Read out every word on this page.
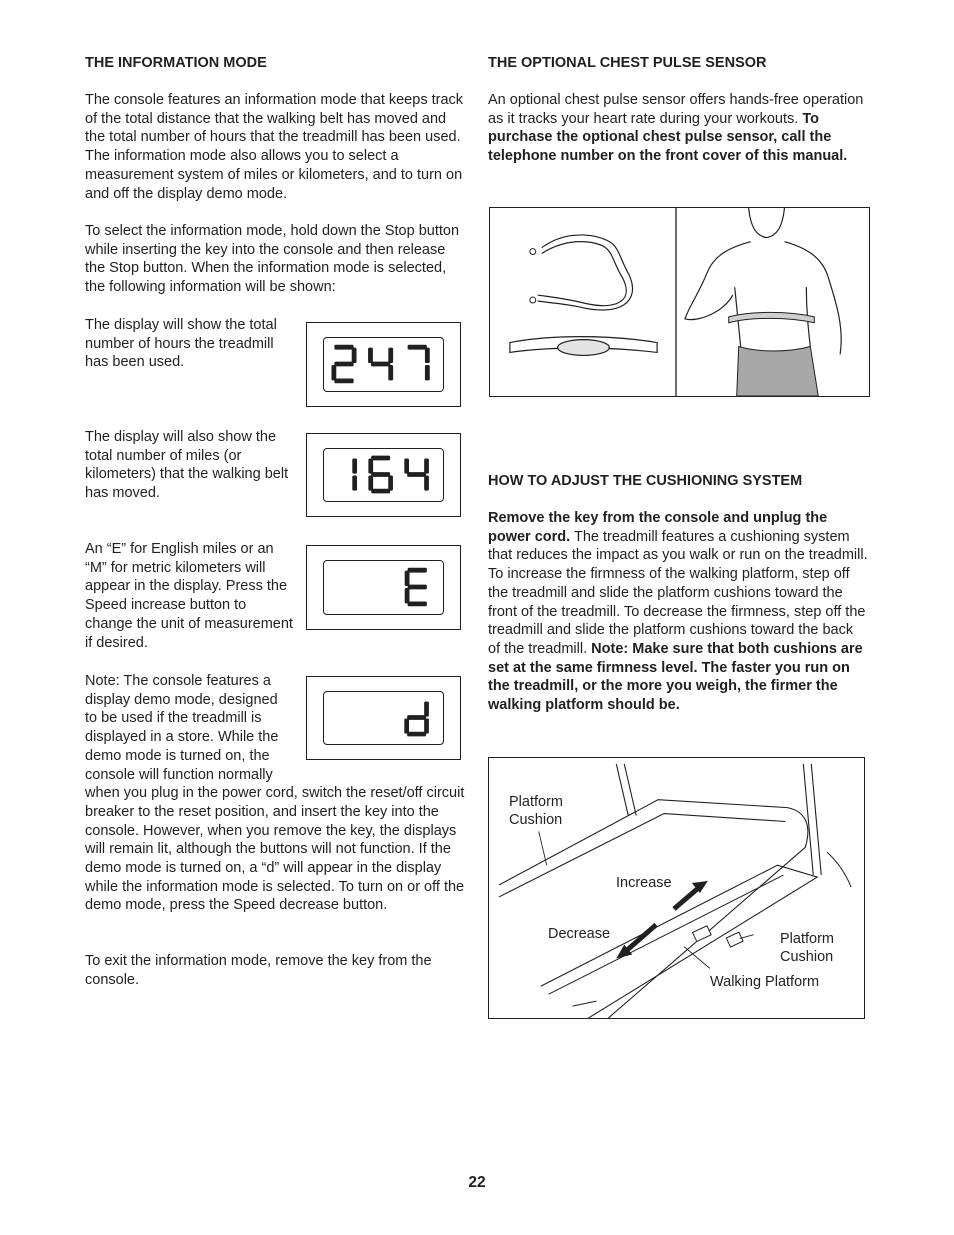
THE INFORMATION MODE

The console features an information mode that keeps track of the total distance that the walking belt has moved and the total number of hours that the treadmill has been used. The information mode also allows you to select a measurement system of miles or kilometers, and to turn on and off the display demo mode.

To select the information mode, hold down the Stop button while inserting the key into the console and then release the Stop button. When the information mode is selected, the following information will be shown:

The display will show the total number of hours the treadmill has been used.

The display will also show the total number of miles (or kilometers) that the walking belt has moved.

An “E” for English miles or an “M” for metric kilometers will appear in the display. Press the Speed increase button to change the unit of measurement if desired.

Note: The console features a display demo mode, designed to be used if the treadmill is displayed in a store. While the demo mode is turned on, the console will function normally when you plug in the power cord, switch the reset/off circuit breaker to the reset position, and insert the key into the console. However, when you remove the key, the displays will remain lit, although the buttons will not function. If the demo mode is turned on, a “d” will appear in the display while the information mode is selected. To turn on or off the demo mode, press the Speed decrease button.

To exit the information mode, remove the key from the console.

THE OPTIONAL CHEST PULSE SENSOR

An optional chest pulse sensor offers hands-free operation as it tracks your heart rate during your workouts. To purchase the optional chest pulse sensor, call the telephone number on the front cover of this manual.

HOW TO ADJUST THE CUSHIONING SYSTEM

Remove the key from the console and unplug the power cord. The treadmill features a cushioning system that reduces the impact as you walk or run on the treadmill. To increase the firmness of the walking platform, step off the treadmill and slide the platform cushions toward the front of the treadmill. To decrease the firmness, step off the treadmill and slide the platform cushions toward the back of the treadmill. Note: Make sure that both cushions are set at the same firmness level. The faster you run on the treadmill, or the more you weigh, the firmer the walking platform should be.

Platform Cushion

Increase

Decrease	Platform Cushion

Walking Platform

22
